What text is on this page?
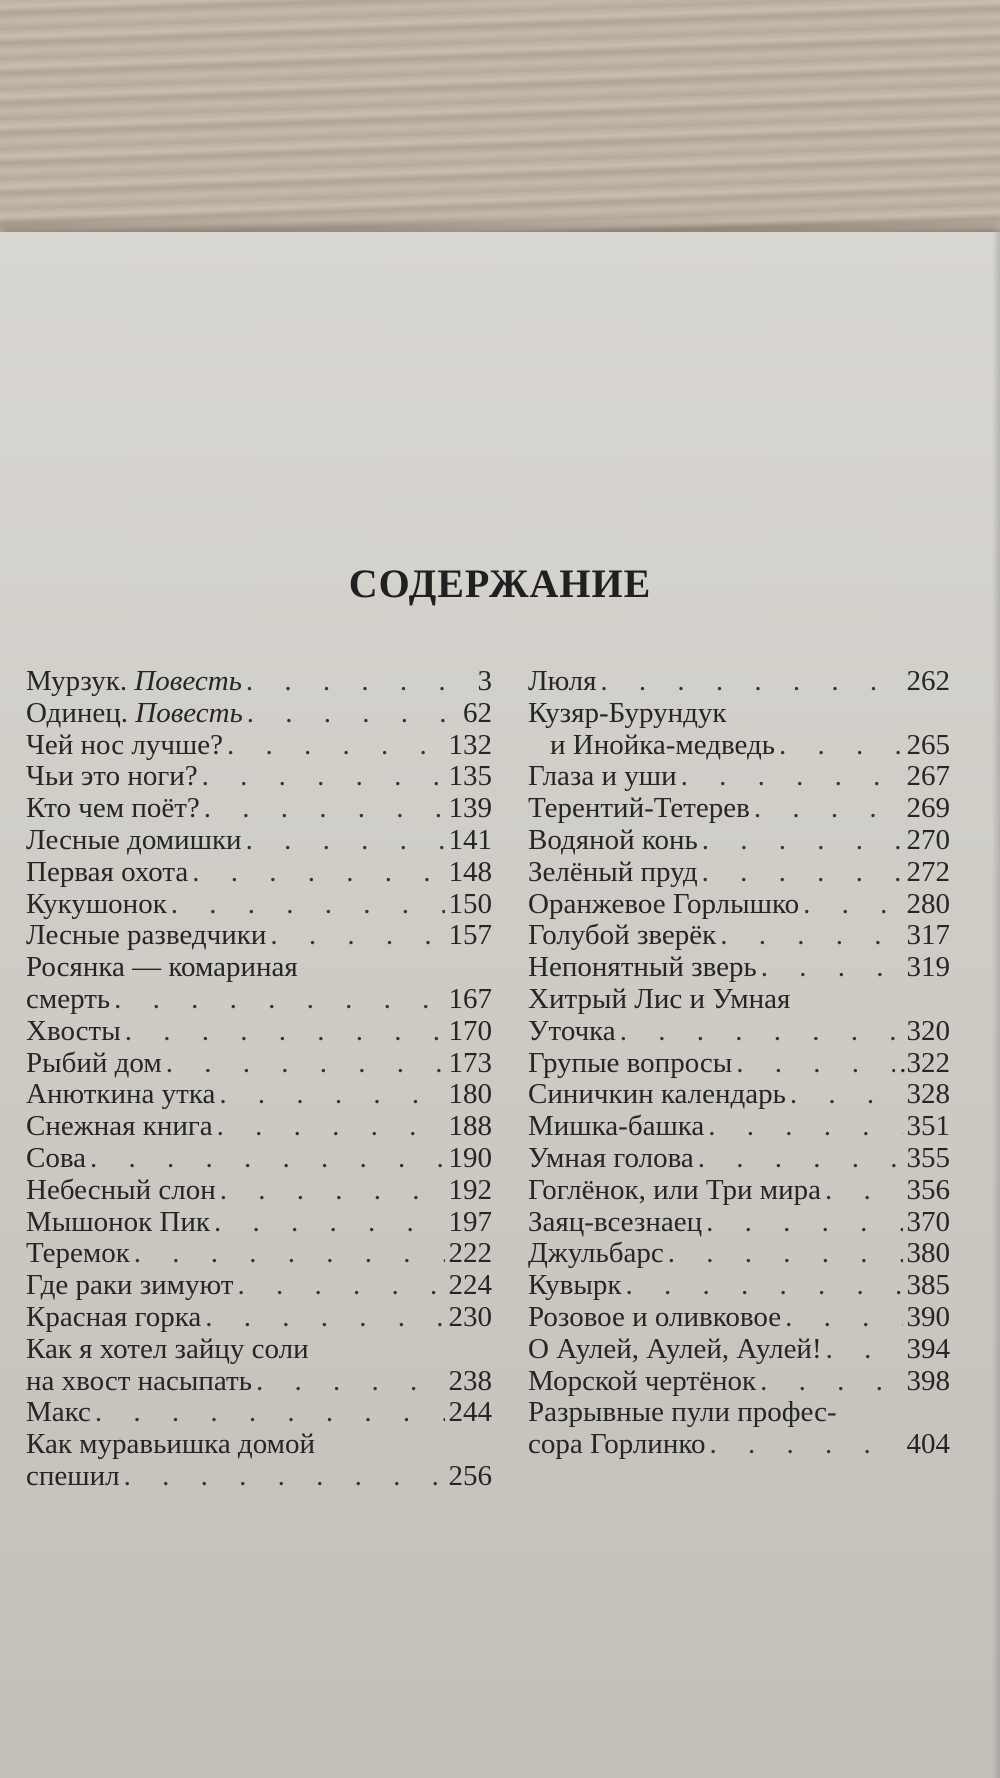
СОДЕРЖАНИЕ
Мурзук. Повесть . . .	3
Одинец. Повесть . . .	62
Чей нос лучше? . . .	132
Чьи это ноги? . . .	135
Кто чем поёт? . . .	139
Лесные домишки . . .	141
Первая охота . . .	148
Кукушонок . . .	150
Лесные разведчики . . .	157
Росянка — комариная
смерть . . .	167
Хвосты . . .	170
Рыбий дом . . .	173
Анюткина утка . . .	180
Снежная книга . . .	188
Сова . . .	190
Небесный слон . . .	192
Мышонок Пик . . .	197
Теремок . . .	222
Где раки зимуют . . .	224
Красная горка . . .	230
Как я хотел зайцу соли
на хвост насыпать . . .	238
Макс . . .	244
Как муравьишка домой
спешил . . .	256
Люля . . .	262
Кузяр-Бурундук
и Инойка-медведь . . .	265
Глаза и уши . . .	267
Терентий-Тетерев . . .	269
Водяной конь . . .	270
Зелёный пруд . . .	272
Оранжевое Горлышко . . .	280
Голубой зверёк . . .	317
Непонятный зверь . . .	319
Хитрый Лис и Умная
Уточка . . .	320
Групые вопросы . . .	.322
Синичкин календарь . . .	328
Мишка-башка . . .	351
Умная голова . . .	355
Гоглёнок, или Три мира . . .	356
Заяц-всезнаец . . .	370
Джульбарс . . .	380
Кувырк . . .	385
Розовое и оливковое . . .	390
О Аулей, Аулей, Аулей! . . .	394
Морской чертёнок . . .	398
Разрывные пули профес-
сора Горлинко . . .	404
